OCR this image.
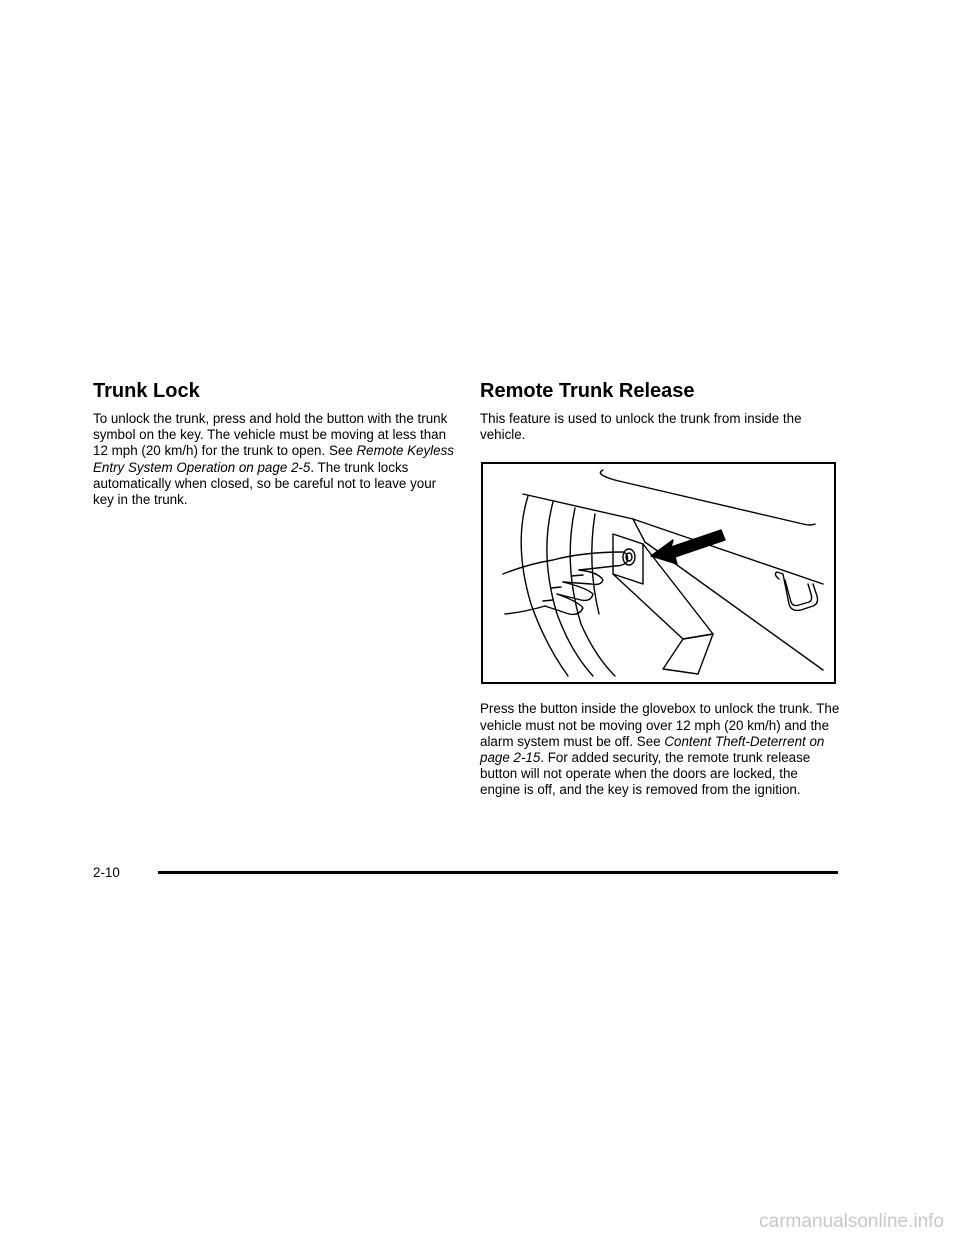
Trunk Lock

To unlock the trunk, press and hold the button with the trunk symbol on the key. The vehicle must be moving at less than 12 mph (20 km/h) for the trunk to open. See Remote Keyless Entry System Operation on page 2-5. The trunk locks automatically when closed, so be careful not to leave your key in the trunk.

Remote Trunk Release

This feature is used to unlock the trunk from inside the vehicle.

Press the button inside the glovebox to unlock the trunk. The vehicle must not be moving over 12 mph (20 km/h) and the alarm system must be off. See Content Theft-Deterrent on page 2-15. For added security, the remote trunk release button will not operate when the doors are locked, the engine is off, and the key is removed from the ignition.

2-10
carmanualsonline.info
